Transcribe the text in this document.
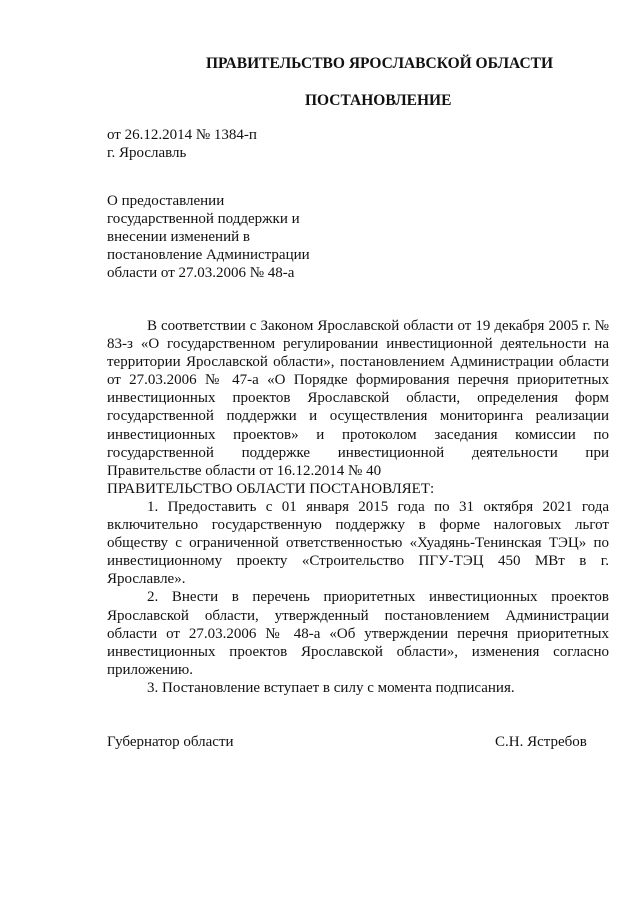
ПРАВИТЕЛЬСТВО ЯРОСЛАВСКОЙ ОБЛАСТИ
ПОСТАНОВЛЕНИЕ
от 26.12.2014 № 1384-п
г. Ярославль
О предоставлении
государственной поддержки и
внесении изменений в
постановление Администрации
области от 27.03.2006 № 48-а

В соответствии с Законом Ярославской области от 19 декабря 2005 г. № 83-з «О государственном регулировании инвестиционной деятельности на территории Ярославской области», постановлением Администрации области от 27.03.2006 № 47-а «О Порядке формирования перечня приоритетных инвестиционных проектов Ярославской области, определения форм государственной поддержки и осуществления мониторинга реализации инвестиционных проектов» и протоколом заседания комиссии по государственной поддержке инвестиционной деятельности при Правительстве области от 16.12.2014 № 40

ПРАВИТЕЛЬСТВО ОБЛАСТИ ПОСТАНОВЛЯЕТ:

1. Предоставить с 01 января 2015 года по 31 октября 2021 года включительно государственную поддержку в форме налоговых льгот обществу с ограниченной ответственностью «Хуадянь-Тенинская ТЭЦ» по инвестиционному проекту «Строительство ПГУ-ТЭЦ 450 МВт в г. Ярославле».

2. Внести в перечень приоритетных инвестиционных проектов Ярославской области, утвержденный постановлением Администрации области от 27.03.2006 № 48-а «Об утверждении перечня приоритетных инвестиционных проектов Ярославской области», изменения согласно приложению.

3. Постановление вступает в силу с момента подписания.

Губернатор области	С.Н. Ястребов
